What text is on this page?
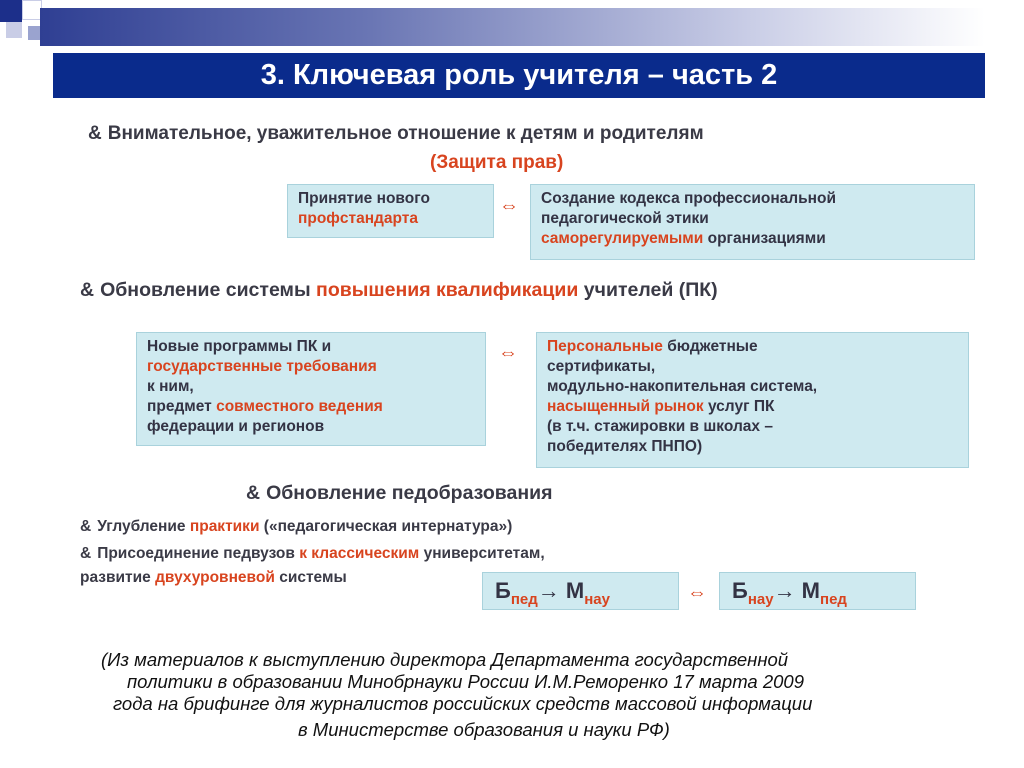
3. Ключевая роль учителя – часть 2
& Внимательное, уважительное отношение к детям и родителям
(Защита прав)
Принятие нового
профстандарта
⇔ Создание кодекса профессиональной
педагогической этики
саморегулируемыми организациями
& Обновление системы повышения квалификации учителей (ПК)
Новые программы ПК и
государственные требования
к ним,
предмет совместного ведения
федерации и регионов
⇔ Персональные бюджетные
сертификаты,
модульно-накопительная система,
насыщенный рынок услуг ПК
(в т.ч. стажировки в школах –
победителях ПНПО)
& Обновление педобразования
& Углубление практики («педагогическая интернатура»)
& Присоединение педвузов к классическим университетам,
развитие двухуровневой системы
$Б_{пед}\to М_{нау}$	⇔	$Б_{нау}\to М_{пед}$
(Из материалов к выступлению директора Департамента государственной
политики в образовании Минобрнауки России И.М.Реморенко 17 марта 2009
года на брифинге для журналистов российских средств массовой информации
в Министерстве образования и науки РФ)
